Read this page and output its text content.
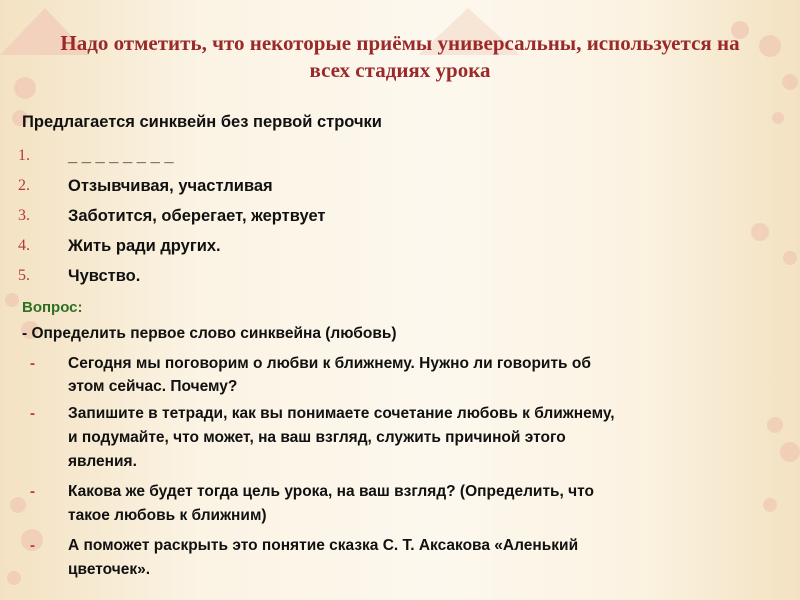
Надо отметить, что некоторые приёмы универсальны, используется на всех стадиях урока
Предлагается синквейн без первой строчки
1. _ _ _ _ _ _ _ _
2. Отзывчивая, участливая
3. Заботится, оберегает, жертвует
4. Жить ради других.
5. Чувство.
Вопрос:
- Определить первое слово синквейна (любовь)
- Сегодня мы поговорим о любви к ближнему. Нужно ли говорить об
этом сейчас. Почему?
- Запишите в тетради, как вы понимаете сочетание любовь к ближнему,
и подумайте, что может, на ваш взгляд, служить причиной этого
явления.
- Какова же будет тогда цель урока, на ваш взгляд? (Определить, что
такое любовь к ближним)
- А поможет раскрыть это понятие сказка С. Т. Аксакова «Аленький
цветочек».
